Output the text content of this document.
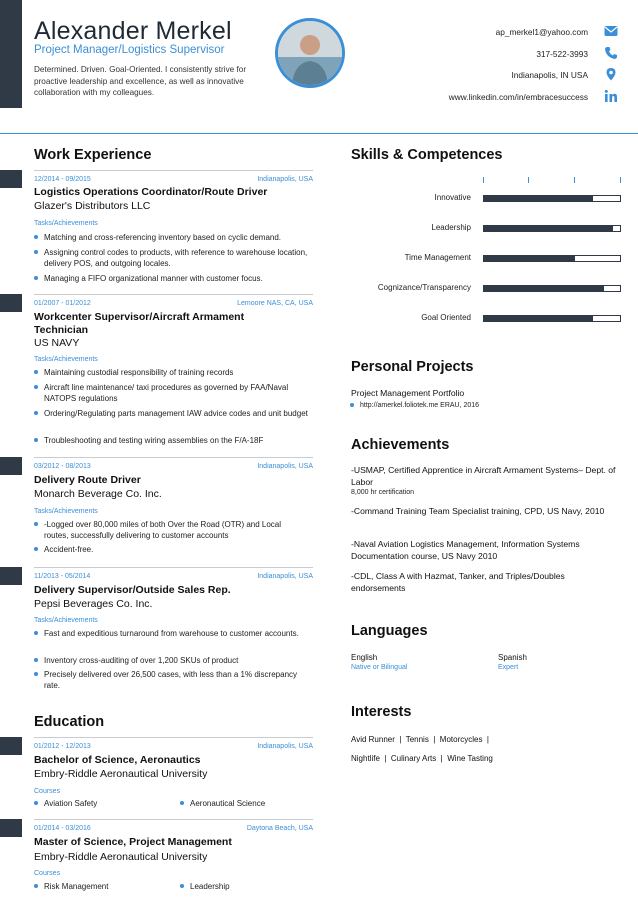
Alexander Merkel
Project Manager/Logistics Supervisor
Determined. Driven. Goal-Oriented. I consistently strive for proactive leadership and excellence, as well as innovative collaboration with my colleagues.
ap_merkel1@yahoo.com
317-522-3993
Indianapolis, IN USA
www.linkedin.com/in/embracesuccess
Work Experience
12/2014 - 09/2015	Indianapolis, USA
Logistics Operations Coordinator/Route Driver
Glazer's Distributors LLC
Tasks/Achievements
Matching and cross-referencing inventory based on cyclic demand.
Assigning control codes to products, with reference to warehouse location, delivery POS, and outgoing locales.
Managing a FIFO organizational manner with customer focus.
01/2007 - 01/2012	Lemoore NAS, CA, USA
Workcenter Supervisor/Aircraft Armament Technician
US NAVY
Tasks/Achievements
Maintaining custodial responsibility of training records
Aircraft line maintenance/ taxi procedures as governed by FAA/Naval NATOPS regulations
Ordering/Regulating parts management IAW advice codes and unit budget
Troubleshooting and testing wiring assemblies on the F/A-18F
03/2012 - 08/2013	Indianapolis, USA
Delivery Route Driver
Monarch Beverage Co. Inc.
Tasks/Achievements
-Logged over 80,000 miles of both Over the Road (OTR) and Local routes, successfully delivering to customer accounts
Accident-free.
11/2013 - 05/2014	Indianapolis, USA
Delivery Supervisor/Outside Sales Rep.
Pepsi Beverages Co. Inc.
Tasks/Achievements
Fast and expeditious turnaround from warehouse to customer accounts.
Inventory cross-auditing of over 1,200 SKUs of product
Precisely delivered over 26,500 cases, with less than a 1% discrepancy rate.
Education
01/2012 - 12/2013	Indianapolis, USA
Bachelor of Science, Aeronautics
Embry-Riddle Aeronautical University
Courses
Aviation Safety	Aeronautical Science
01/2014 - 03/2016	Daytona Beach, USA
Master of Science, Project Management
Embry-Riddle Aeronautical University
Courses
Risk Management	Leadership
Skills & Competences
Innovative
Leadership
Time Management
Cognizance/Transparency
Goal Oriented
Personal Projects
Project Management Portfolio
http://amerkel.foliotek.me ERAU, 2016
Achievements
-USMAP, Certified Apprentice in Aircraft Armament Systems– Dept. of Labor
8,000 hr certification
-Command Training Team Specialist training, CPD, US Navy, 2010
-Naval Aviation Logistics Management, Information Systems Documentation course, US Navy 2010
-CDL, Class A with Hazmat, Tanker, and Triples/Doubles endorsements
Languages
English
Native or Bilingual
Spanish
Expert
Interests
Avid Runner  |  Tennis  |  Motorcycles  |
Nightlife  |  Culinary Arts  |  Wine Tasting
